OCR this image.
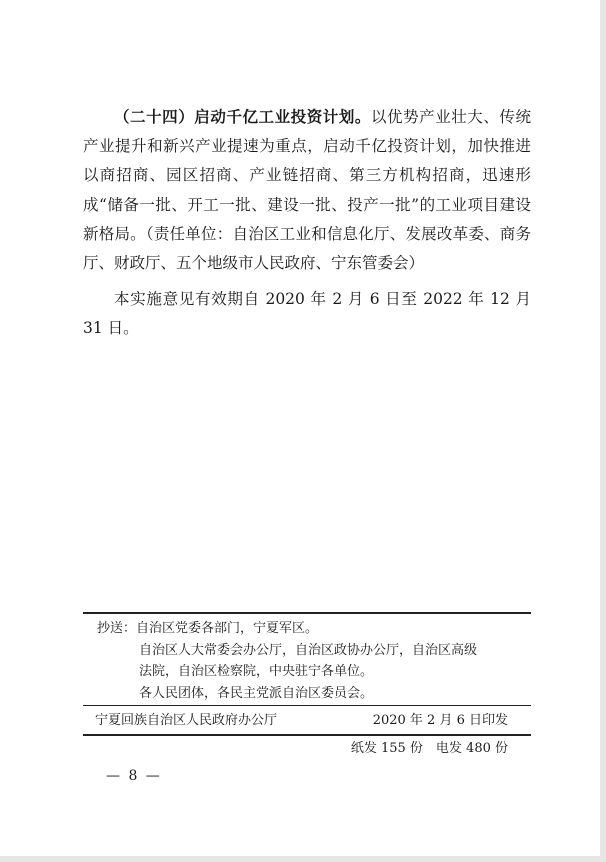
（二十四）启动千亿工业投资计划。以优势产业壮大、传统产业提升和新兴产业提速为重点，启动千亿投资计划，加快推进以商招商、园区招商、产业链招商、第三方机构招商，迅速形成“储备一批、开工一批、建设一批、投产一批”的工业项目建设新格局。（责任单位：自治区工业和信息化厅、发展改革委、商务厅、财政厅、五个地级市人民政府、宁东管委会）
本实施意见有效期自 2020 年 2 月 6 日至 2022 年 12 月 31 日。
抄送：自治区党委各部门，宁夏军区。
自治区人大常委会办公厅，自治区政协办公厅，自治区高级
法院，自治区检察院，中央驻宁各单位。
各人民团体，各民主党派自治区委员会。
宁夏回族自治区人民政府办公厅	2020 年 2 月 6 日印发
纸发 155 份　电发 480 份
— 8 —
